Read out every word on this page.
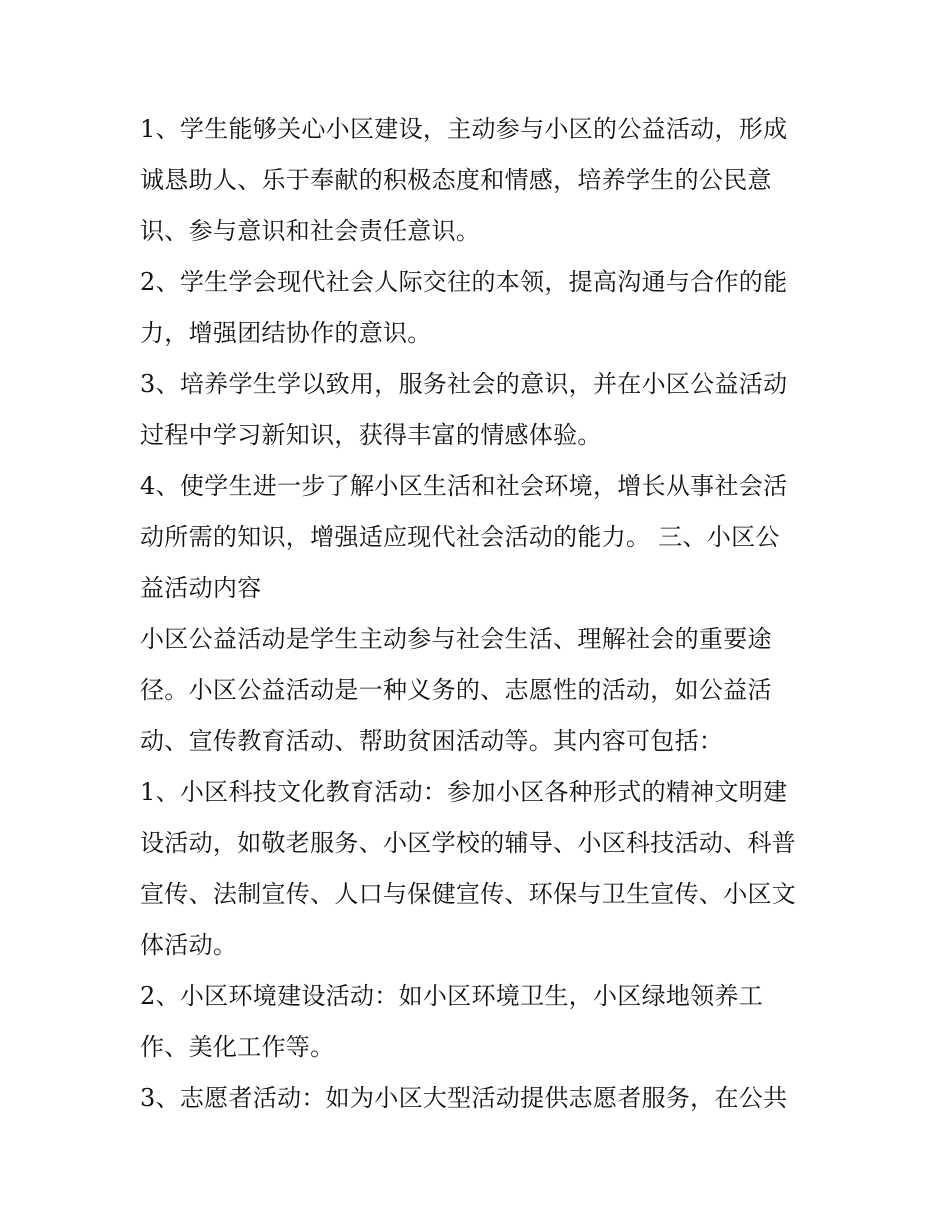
1、学生能够关心小区建设，主动参与小区的公益活动，形成
诚恳助人、乐于奉献的积极态度和情感，培养学生的公民意
识、参与意识和社会责任意识。
2、学生学会现代社会人际交往的本领，提高沟通与合作的能
力，增强团结协作的意识。
3、培养学生学以致用，服务社会的意识，并在小区公益活动
过程中学习新知识，获得丰富的情感体验。
4、使学生进一步了解小区生活和社会环境，增长从事社会活
动所需的知识，增强适应现代社会活动的能力。 三、小区公
益活动内容
小区公益活动是学生主动参与社会生活、理解社会的重要途
径。小区公益活动是一种义务的、志愿性的活动，如公益活
动、宣传教育活动、帮助贫困活动等。其内容可包括：
1、小区科技文化教育活动：参加小区各种形式的精神文明建
设活动，如敬老服务、小区学校的辅导、小区科技活动、科普
宣传、法制宣传、人口与保健宣传、环保与卫生宣传、小区文
体活动。
2、小区环境建设活动：如小区环境卫生，小区绿地领养工
作、美化工作等。
3、志愿者活动：如为小区大型活动提供志愿者服务，在公共
